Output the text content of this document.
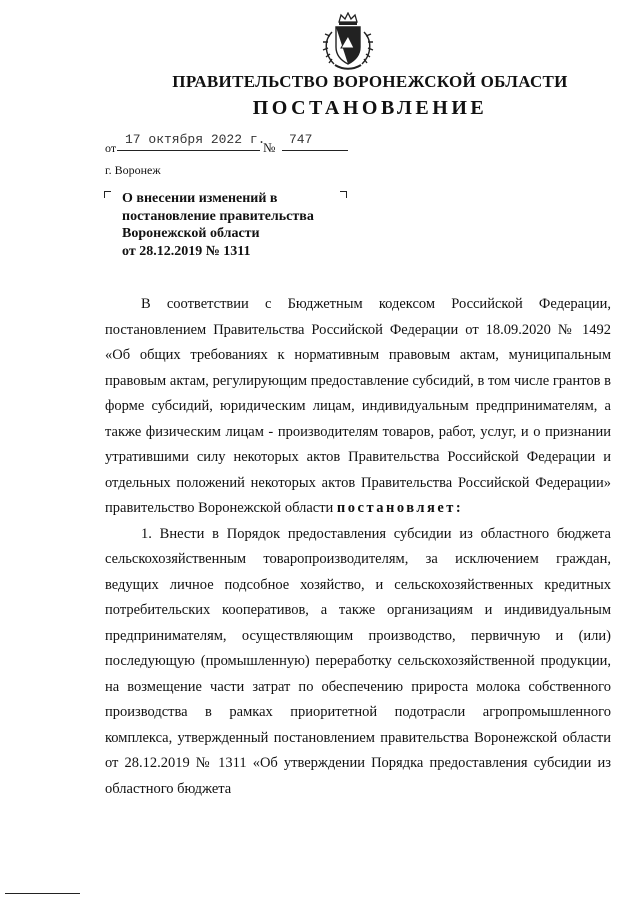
ПРАВИТЕЛЬСТВО ВОРОНЕЖСКОЙ ОБЛАСТИ
ПОСТАНОВЛЕНИЕ
от
17 октября 2022 г.
№
747
г. Воронеж

О внесении изменений в
постановление правительства
Воронежской области
от 28.12.2019 № 1311

В соответствии с Бюджетным кодексом Российской Федерации, постановлением Правительства Российской Федерации от 18.09.2020 № 1492 «Об общих требованиях к нормативным правовым актам, муниципальным правовым актам, регулирующим предоставление субсидий, в том числе грантов в форме субсидий, юридическим лицам, индивидуальным предпринимателям, а также физическим лицам - производителям товаров, работ, услуг, и о признании утратившими силу некоторых актов Правительства Российской Федерации и отдельных положений некоторых актов Правительства Российской Федерации» правительство Воронежской области постановляет:

1. Внести в Порядок предоставления субсидии из областного бюджета сельскохозяйственным товаропроизводителям, за исключением граждан, ведущих личное подсобное хозяйство, и сельскохозяйственных кредитных потребительских кооперативов, а также организациям и индивидуальным предпринимателям, осуществляющим производство, первичную и (или) последующую (промышленную) переработку сельскохозяйственной продукции, на возмещение части затрат по обеспечению прироста молока собственного производства в рамках приоритетной подотрасли агропромышленного комплекса, утвержденный постановлением правительства Воронежской области от 28.12.2019 № 1311 «Об утверждении Порядка предоставления субсидии из областного бюджета
